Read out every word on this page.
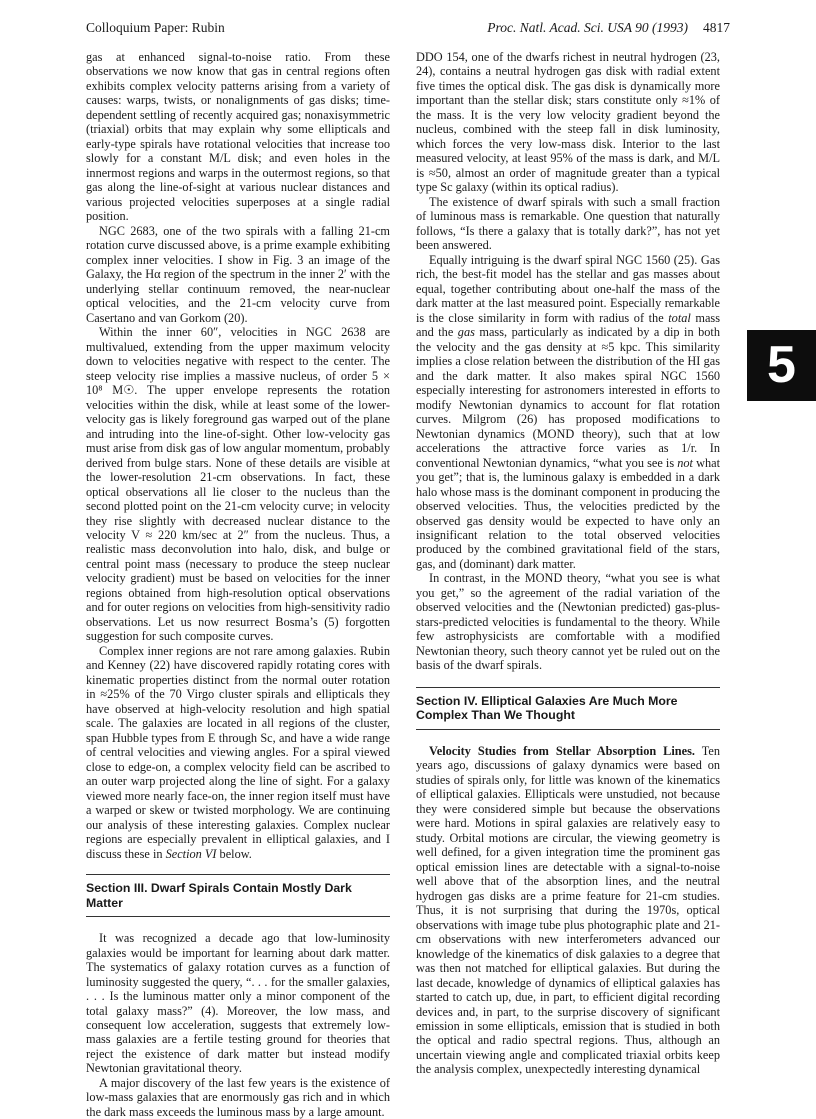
Colloquium Paper: Rubin	Proc. Natl. Acad. Sci. USA 90 (1993) 4817

gas at enhanced signal-to-noise ratio. From these observations we now know that gas in central regions often exhibits complex velocity patterns arising from a variety of causes: warps, twists, or nonalignments of gas disks; time-dependent settling of recently acquired gas; nonaxisymmetric (triaxial) orbits that may explain why some ellipticals and early-type spirals have rotational velocities that increase too slowly for a constant M/L disk; and even holes in the innermost regions and warps in the outermost regions, so that gas along the line-of-sight at various nuclear distances and various projected velocities superposes at a single radial position.

NGC 2683, one of the two spirals with a falling 21-cm rotation curve discussed above, is a prime example exhibiting complex inner velocities. I show in Fig. 3 an image of the Galaxy, the Hα region of the spectrum in the inner 2′ with the underlying stellar continuum removed, the near-nuclear optical velocities, and the 21-cm velocity curve from Casertano and van Gorkom (20).

Within the inner 60″, velocities in NGC 2638 are multivalued, extending from the upper maximum velocity down to velocities negative with respect to the center. The steep velocity rise implies a massive nucleus, of order 5 × 10⁸ M☉. The upper envelope represents the rotation velocities within the disk, while at least some of the lower-velocity gas is likely foreground gas warped out of the plane and intruding into the line-of-sight. Other low-velocity gas must arise from disk gas of low angular momentum, probably derived from bulge stars. None of these details are visible at the lower-resolution 21-cm observations. In fact, these optical observations all lie closer to the nucleus than the second plotted point on the 21-cm velocity curve; in velocity they rise slightly with decreased nuclear distance to the velocity V ≈ 220 km/sec at 2″ from the nucleus. Thus, a realistic mass deconvolution into halo, disk, and bulge or central point mass (necessary to produce the steep nuclear velocity gradient) must be based on velocities for the inner regions obtained from high-resolution optical observations and for outer regions on velocities from high-sensitivity radio observations. Let us now resurrect Bosma’s (5) forgotten suggestion for such composite curves.

Complex inner regions are not rare among galaxies. Rubin and Kenney (22) have discovered rapidly rotating cores with kinematic properties distinct from the normal outer rotation in ≈25% of the 70 Virgo cluster spirals and ellipticals they have observed at high-velocity resolution and high spatial scale. The galaxies are located in all regions of the cluster, span Hubble types from E through Sc, and have a wide range of central velocities and viewing angles. For a spiral viewed close to edge-on, a complex velocity field can be ascribed to an outer warp projected along the line of sight. For a galaxy viewed more nearly face-on, the inner region itself must have a warped or skew or twisted morphology. We are continuing our analysis of these interesting galaxies. Complex nuclear regions are especially prevalent in elliptical galaxies, and I discuss these in Section VI below.

Section III. Dwarf Spirals Contain Mostly Dark Matter

It was recognized a decade ago that low-luminosity galaxies would be important for learning about dark matter. The systematics of galaxy rotation curves as a function of luminosity suggested the query, “. . . for the smaller galaxies, . . . Is the luminous matter only a minor component of the total galaxy mass?” (4). Moreover, the low mass, and consequent low acceleration, suggests that extremely low-mass galaxies are a fertile testing ground for theories that reject the existence of dark matter but instead modify Newtonian gravitational theory.

A major discovery of the last few years is the existence of low-mass galaxies that are enormously gas rich and in which the dark mass exceeds the luminous mass by a large amount.

DDO 154, one of the dwarfs richest in neutral hydrogen (23, 24), contains a neutral hydrogen gas disk with radial extent five times the optical disk. The gas disk is dynamically more important than the stellar disk; stars constitute only ≈1% of the mass. It is the very low velocity gradient beyond the nucleus, combined with the steep fall in disk luminosity, which forces the very low-mass disk. Interior to the last measured velocity, at least 95% of the mass is dark, and M/L is ≈50, almost an order of magnitude greater than a typical type Sc galaxy (within its optical radius).

The existence of dwarf spirals with such a small fraction of luminous mass is remarkable. One question that naturally follows, “Is there a galaxy that is totally dark?”, has not yet been answered.

Equally intriguing is the dwarf spiral NGC 1560 (25). Gas rich, the best-fit model has the stellar and gas masses about equal, together contributing about one-half the mass of the dark matter at the last measured point. Especially remarkable is the close similarity in form with radius of the total mass and the gas mass, particularly as indicated by a dip in both the velocity and the gas density at ≈5 kpc. This similarity implies a close relation between the distribution of the HI gas and the dark matter. It also makes spiral NGC 1560 especially interesting for astronomers interested in efforts to modify Newtonian dynamics to account for flat rotation curves. Milgrom (26) has proposed modifications to Newtonian dynamics (MOND theory), such that at low accelerations the attractive force varies as 1/r. In conventional Newtonian dynamics, “what you see is not what you get”; that is, the luminous galaxy is embedded in a dark halo whose mass is the dominant component in producing the observed velocities. Thus, the velocities predicted by the observed gas density would be expected to have only an insignificant relation to the total observed velocities produced by the combined gravitational field of the stars, gas, and (dominant) dark matter.

In contrast, in the MOND theory, “what you see is what you get,” so the agreement of the radial variation of the observed velocities and the (Newtonian predicted) gas-plus-stars-predicted velocities is fundamental to the theory. While few astrophysicists are comfortable with a modified Newtonian theory, such theory cannot yet be ruled out on the basis of the dwarf spirals.

Section IV. Elliptical Galaxies Are Much More Complex Than We Thought

Velocity Studies from Stellar Absorption Lines. Ten years ago, discussions of galaxy dynamics were based on studies of spirals only, for little was known of the kinematics of elliptical galaxies. Ellipticals were unstudied, not because they were considered simple but because the observations were hard. Motions in spiral galaxies are relatively easy to study. Orbital motions are circular, the viewing geometry is well defined, for a given integration time the prominent gas optical emission lines are detectable with a signal-to-noise well above that of the absorption lines, and the neutral hydrogen gas disks are a prime feature for 21-cm studies. Thus, it is not surprising that during the 1970s, optical observations with image tube plus photographic plate and 21-cm observations with new interferometers advanced our knowledge of the kinematics of disk galaxies to a degree that was then not matched for elliptical galaxies. But during the last decade, knowledge of dynamics of elliptical galaxies has started to catch up, due, in part, to efficient digital recording devices and, in part, to the surprise discovery of significant emission in some ellipticals, emission that is studied in both the optical and radio spectral regions. Thus, although an uncertain viewing angle and complicated triaxial orbits keep the analysis complex, unexpectedly interesting dynamical

5
